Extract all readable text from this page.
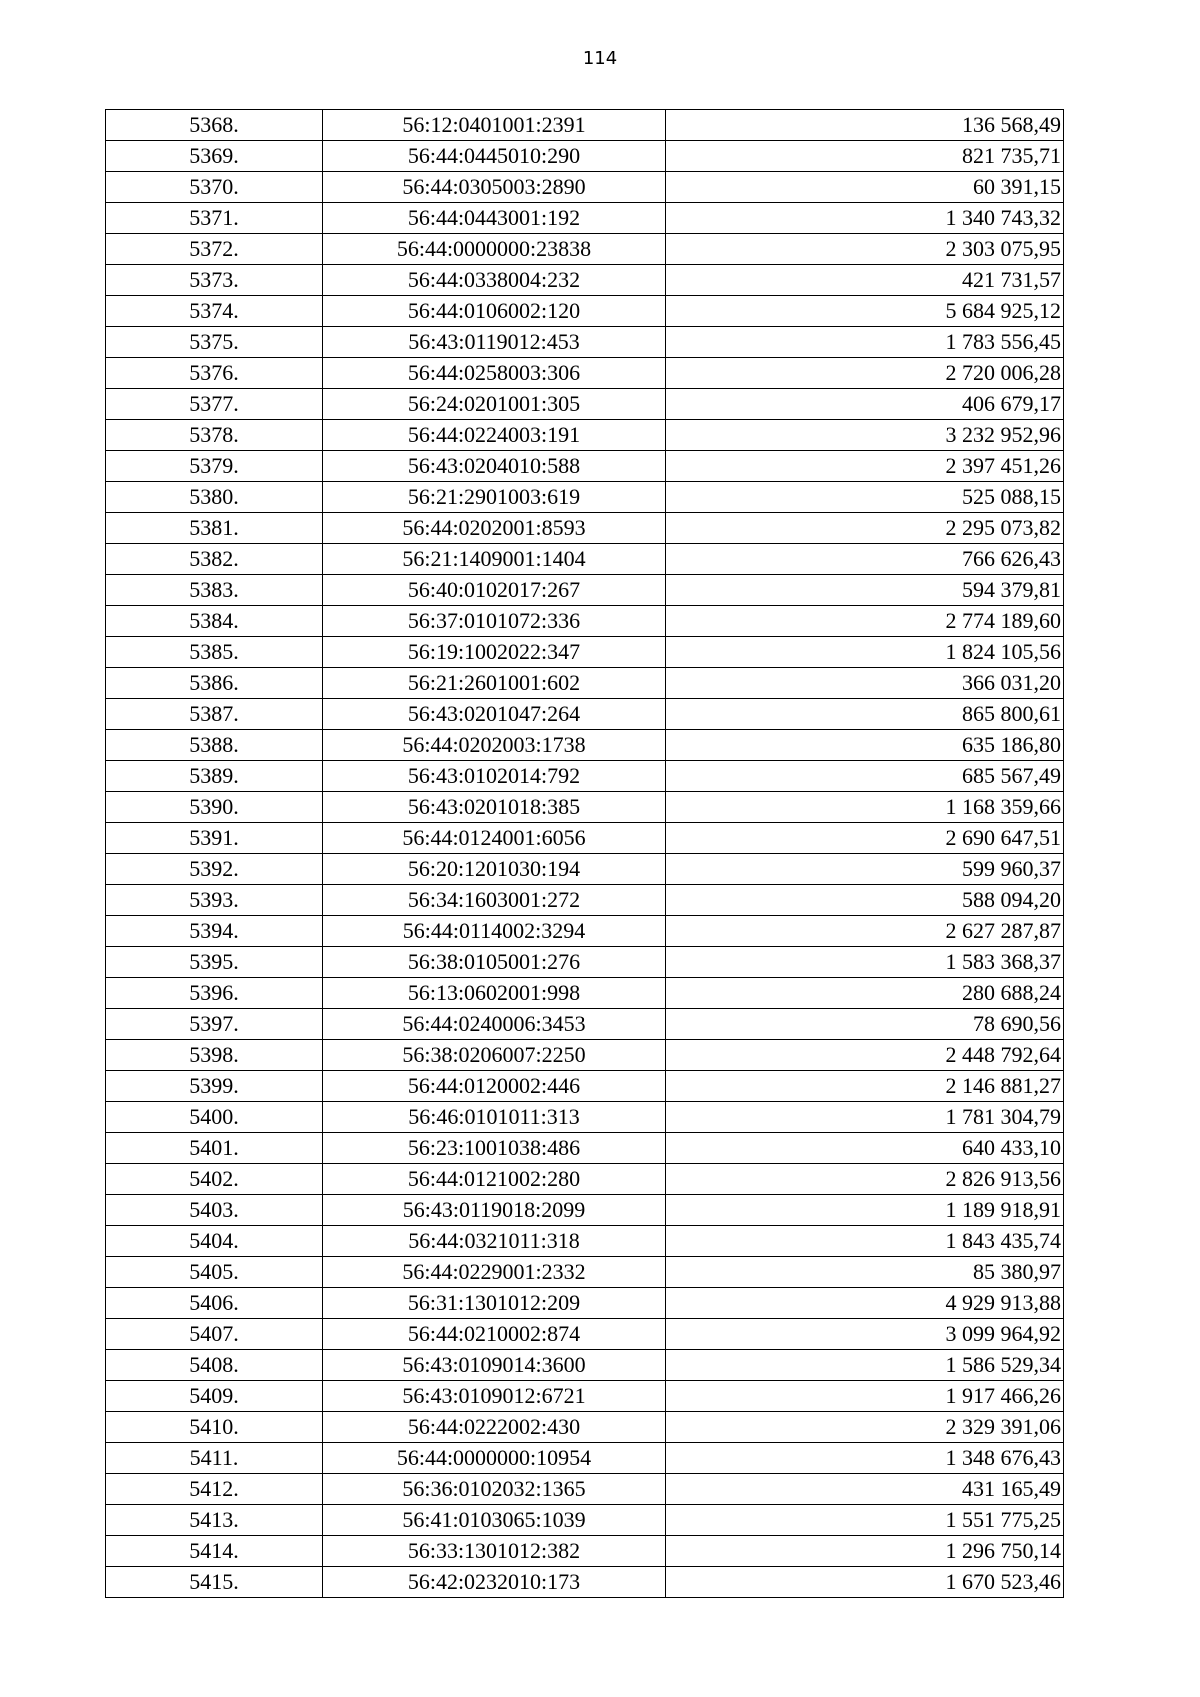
114
5368.	56:12:0401001:2391	136 568,49
5369.	56:44:0445010:290	821 735,71
5370.	56:44:0305003:2890	60 391,15
5371.	56:44:0443001:192	1 340 743,32
5372.	56:44:0000000:23838	2 303 075,95
5373.	56:44:0338004:232	421 731,57
5374.	56:44:0106002:120	5 684 925,12
5375.	56:43:0119012:453	1 783 556,45
5376.	56:44:0258003:306	2 720 006,28
5377.	56:24:0201001:305	406 679,17
5378.	56:44:0224003:191	3 232 952,96
5379.	56:43:0204010:588	2 397 451,26
5380.	56:21:2901003:619	525 088,15
5381.	56:44:0202001:8593	2 295 073,82
5382.	56:21:1409001:1404	766 626,43
5383.	56:40:0102017:267	594 379,81
5384.	56:37:0101072:336	2 774 189,60
5385.	56:19:1002022:347	1 824 105,56
5386.	56:21:2601001:602	366 031,20
5387.	56:43:0201047:264	865 800,61
5388.	56:44:0202003:1738	635 186,80
5389.	56:43:0102014:792	685 567,49
5390.	56:43:0201018:385	1 168 359,66
5391.	56:44:0124001:6056	2 690 647,51
5392.	56:20:1201030:194	599 960,37
5393.	56:34:1603001:272	588 094,20
5394.	56:44:0114002:3294	2 627 287,87
5395.	56:38:0105001:276	1 583 368,37
5396.	56:13:0602001:998	280 688,24
5397.	56:44:0240006:3453	78 690,56
5398.	56:38:0206007:2250	2 448 792,64
5399.	56:44:0120002:446	2 146 881,27
5400.	56:46:0101011:313	1 781 304,79
5401.	56:23:1001038:486	640 433,10
5402.	56:44:0121002:280	2 826 913,56
5403.	56:43:0119018:2099	1 189 918,91
5404.	56:44:0321011:318	1 843 435,74
5405.	56:44:0229001:2332	85 380,97
5406.	56:31:1301012:209	4 929 913,88
5407.	56:44:0210002:874	3 099 964,92
5408.	56:43:0109014:3600	1 586 529,34
5409.	56:43:0109012:6721	1 917 466,26
5410.	56:44:0222002:430	2 329 391,06
5411.	56:44:0000000:10954	1 348 676,43
5412.	56:36:0102032:1365	431 165,49
5413.	56:41:0103065:1039	1 551 775,25
5414.	56:33:1301012:382	1 296 750,14
5415.	56:42:0232010:173	1 670 523,46
